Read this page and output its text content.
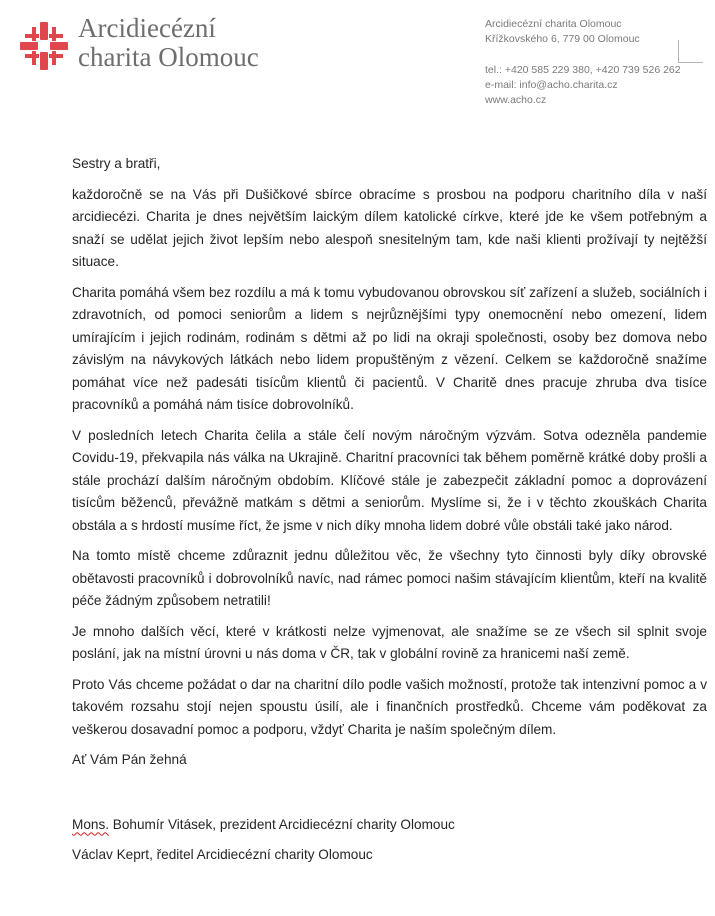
Arcidiecézní
charita Olomouc
Arcidiecézní charita Olomouc
Křížkovského 6, 779 00 Olomouc
tel.: +420 585 229 380, +420 739 526 262
e-mail: info@acho.charita.cz
www.acho.cz

Sestry a bratři,

každoročně se na Vás při Dušičkové sbírce obracíme s prosbou na podporu charitního díla v naší arcidiecézi. Charita je dnes největším laickým dílem katolické církve, které jde ke všem potřebným a snaží se udělat jejich život lepším nebo alespoň snesitelným tam, kde naši klienti prožívají ty nejtěžší situace.

Charita pomáhá všem bez rozdílu a má k tomu vybudovanou obrovskou síť zařízení a služeb, sociálních i zdravotních, od pomoci seniorům a lidem s nejrůznějšími typy onemocnění nebo omezení, lidem umírajícím i jejich rodinám, rodinám s dětmi až po lidi na okraji společnosti, osoby bez domova nebo závislým na návykových látkách nebo lidem propuštěným z vězení. Celkem se každoročně snažíme pomáhat více než padesáti tisícům klientů či pacientů. V Charitě dnes pracuje zhruba dva tisíce pracovníků a pomáhá nám tisíce dobrovolníků.

V posledních letech Charita čelila a stále čelí novým náročným výzvám. Sotva odezněla pandemie Covidu-19, překvapila nás válka na Ukrajině. Charitní pracovníci tak během poměrně krátké doby prošli a stále prochází dalším náročným obdobím. Klíčové stále je zabezpečit základní pomoc a doprovázení tisícům běženců, převážně matkám s dětmi a seniorům. Myslíme si, že i v těchto zkouškách Charita obstála a s hrdostí musíme říct, že jsme v nich díky mnoha lidem dobré vůle obstáli také jako národ.

Na tomto místě chceme zdůraznit jednu důležitou věc, že všechny tyto činnosti byly díky obrovské obětavosti pracovníků i dobrovolníků navíc, nad rámec pomoci našim stávajícím klientům, kteří na kvalitě péče žádným způsobem netratili!

Je mnoho dalších věcí, které v krátkosti nelze vyjmenovat, ale snažíme se ze všech sil splnit svoje poslání, jak na místní úrovni u nás doma v ČR, tak v globální rovině za hranicemi naší země.

Proto Vás chceme požádat o dar na charitní dílo podle vašich možností, protože tak intenzivní pomoc a v takovém rozsahu stojí nejen spoustu úsilí, ale i finančních prostředků. Chceme vám poděkovat za veškerou dosavadní pomoc a podporu, vždyť Charita je naším společným dílem.

Ať Vám Pán žehná

Mons. Bohumír Vitásek, prezident Arcidiecézní charity Olomouc

Václav Keprt, ředitel Arcidiecézní charity Olomouc
